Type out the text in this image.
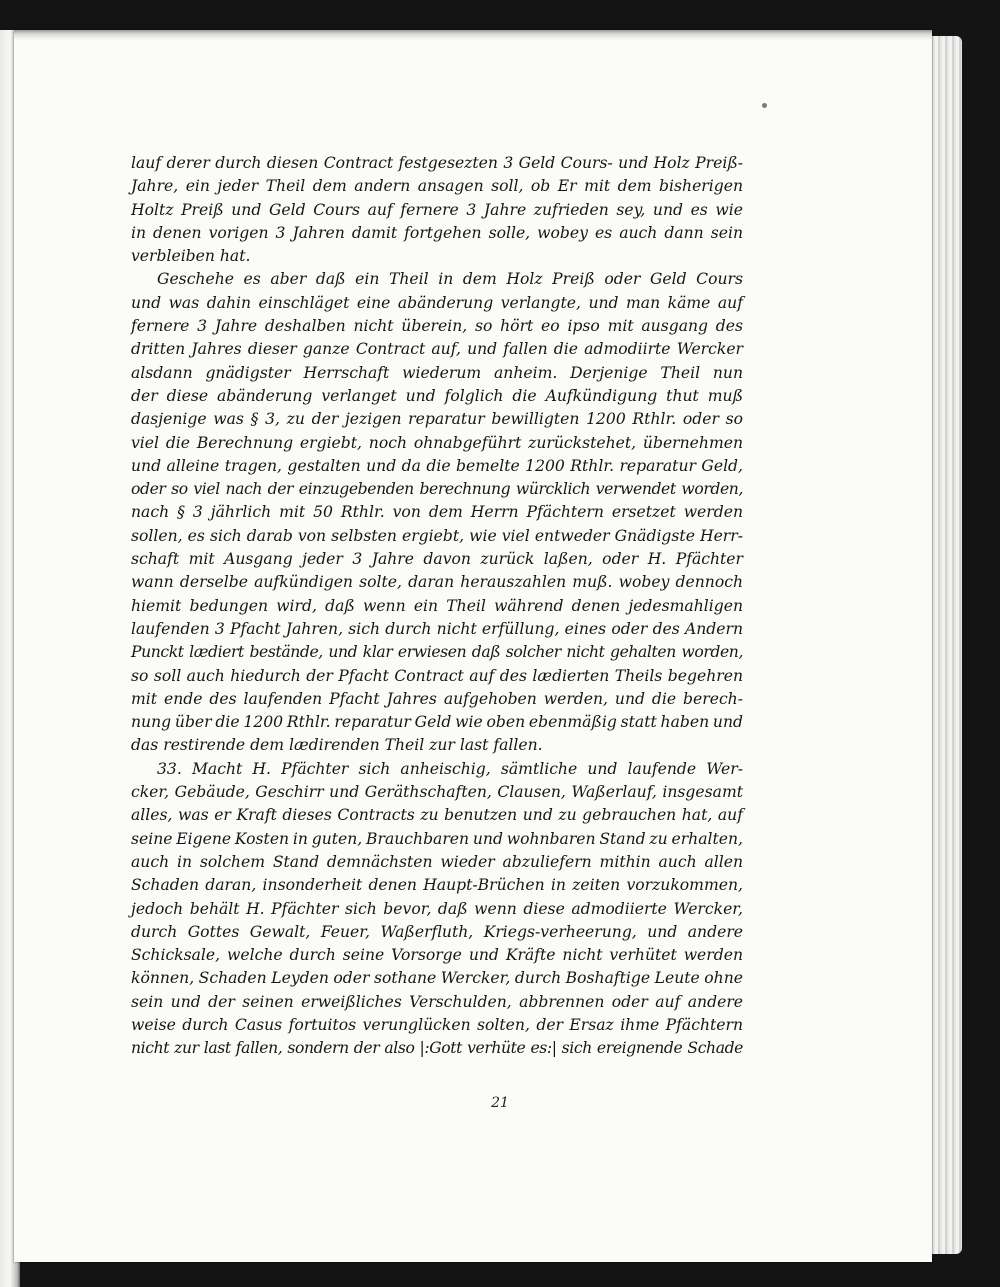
lauf derer durch diesen Contract festgesezten 3 Geld Cours- und Holz Preiß-
Jahre, ein jeder Theil dem andern ansagen soll, ob Er mit dem bisherigen
Holtz Preiß und Geld Cours auf fernere 3 Jahre zufrieden sey, und es wie
in denen vorigen 3 Jahren damit fortgehen solle, wobey es auch dann sein
verbleiben hat.
Geschehe es aber daß ein Theil in dem Holz Preiß oder Geld Cours
und was dahin einschläget eine abänderung verlangte, und man käme auf
fernere 3 Jahre deshalben nicht überein, so hört eo ipso mit ausgang des
dritten Jahres dieser ganze Contract auf, und fallen die admodiirte Wercker
alsdann gnädigster Herrschaft wiederum anheim. Derjenige Theil nun
der diese abänderung verlanget und folglich die Aufkündigung thut muß
dasjenige was § 3, zu der jezigen reparatur bewilligten 1200 Rthlr. oder so
viel die Berechnung ergiebt, noch ohnabgeführt zurückstehet, übernehmen
und alleine tragen, gestalten und da die bemelte 1200 Rthlr. reparatur Geld,
oder so viel nach der einzugebenden berechnung würcklich verwendet worden,
nach § 3 jährlich mit 50 Rthlr. von dem Herrn Pfächtern ersetzet werden
sollen, es sich darab von selbsten ergiebt, wie viel entweder Gnädigste Herr-
schaft mit Ausgang jeder 3 Jahre davon zurück laßen, oder H. Pfächter
wann derselbe aufkündigen solte, daran herauszahlen muß. wobey dennoch
hiemit bedungen wird, daß wenn ein Theil während denen jedesmahligen
laufenden 3 Pfacht Jahren, sich durch nicht erfüllung, eines oder des Andern
Punckt lædiert bestände, und klar erwiesen daß solcher nicht gehalten worden,
so soll auch hiedurch der Pfacht Contract auf des lædierten Theils begehren
mit ende des laufenden Pfacht Jahres aufgehoben werden, und die berech-
nung über die 1200 Rthlr. reparatur Geld wie oben ebenmäßig statt haben und
das restirende dem lædirenden Theil zur last fallen.
33. Macht H. Pfächter sich anheischig, sämtliche und laufende Wer-
cker, Gebäude, Geschirr und Geräthschaften, Clausen, Waßerlauf, insgesamt
alles, was er Kraft dieses Contracts zu benutzen und zu gebrauchen hat, auf
seine Eigene Kosten in guten, Brauchbaren und wohnbaren Stand zu erhalten,
auch in solchem Stand demnächsten wieder abzuliefern mithin auch allen
Schaden daran, insonderheit denen Haupt-Brüchen in zeiten vorzukommen,
jedoch behält H. Pfächter sich bevor, daß wenn diese admodiierte Wercker,
durch Gottes Gewalt, Feuer, Waßerfluth, Kriegs-verheerung, und andere
Schicksale, welche durch seine Vorsorge und Kräfte nicht verhütet werden
können, Schaden Leyden oder sothane Wercker, durch Boshaftige Leute ohne
sein und der seinen erweißliches Verschulden, abbrennen oder auf andere
weise durch Casus fortuitos verunglücken solten, der Ersaz ihme Pfächtern
nicht zur last fallen, sondern der also |:Gott verhüte es:| sich ereignende Schade
21
